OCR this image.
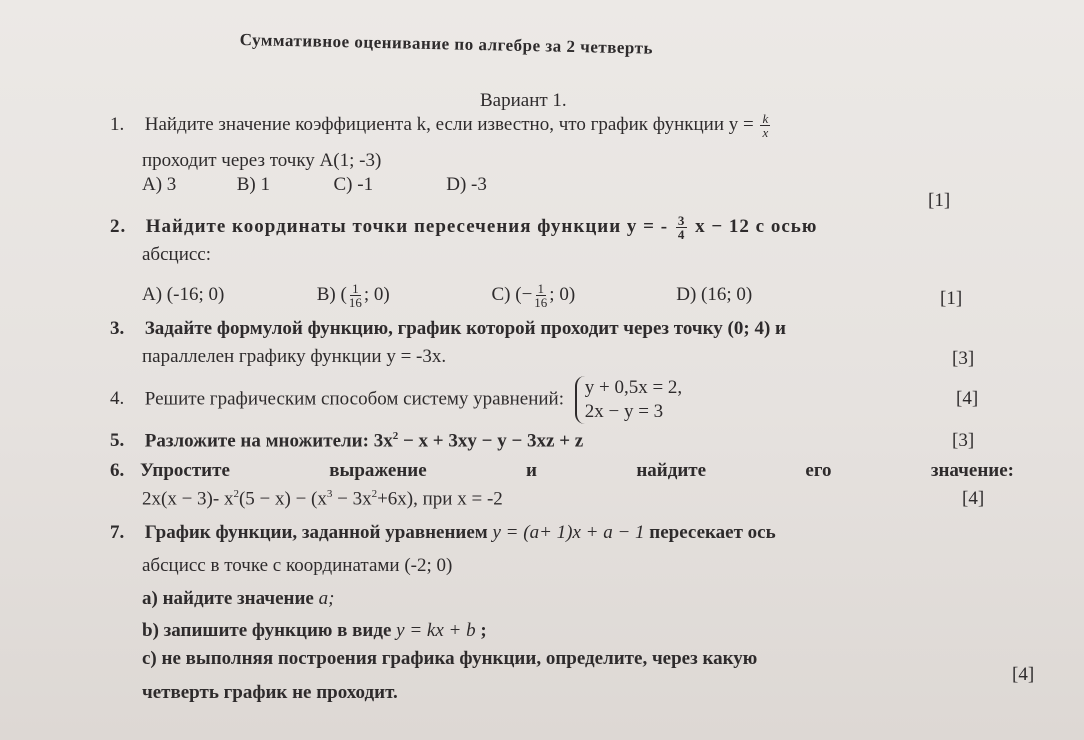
Суммативное оценивание по алгебре за 2 четверть
Вариант 1.
1. Найдите значение коэффициента k, если известно, что график функции $y = \frac{k}{x}$
проходит через точку A(1; -3)
A) 3	B) 1	C) -1	D) -3
[1]
2. Найдите координаты точки пересечения функции y = - $\frac{3}{4}$ x − 12 с осью
абсцисс:
A) (-16; 0)	B) ( $\frac{1}{16}$ ; 0)	C) (− $\frac{1}{16}$ ; 0)	D) (16; 0)	[1]
3. Задайте формулой функцию, график которой проходит через точку (0; 4) и
параллелен графику функции y = -3x.	[3]
4. Решите графическим способом систему уравнений:
y + 0,5x = 2,
2x − y = 3
[4]
5. Разложите на множители: $3x^2 - x + 3xy - y - 3xz + z$	[3]
6. Упростите	выражение	и	найдите	его	значение:
2x(x − 3)- $x^2(5 - x) - (x^3 - 3x^2+6x)$, при x = -2	[4]
7. График функции, заданной уравнением y = (a+ 1)x + a − 1 пересекает ось
абсцисс в точке с координатами (-2; 0)
a) найдите значение a;
b) запишите функцию в виде y = kx + b ;
c) не выполняя построения графика функции, определите, через какую
четверть график не проходит.
[4]
